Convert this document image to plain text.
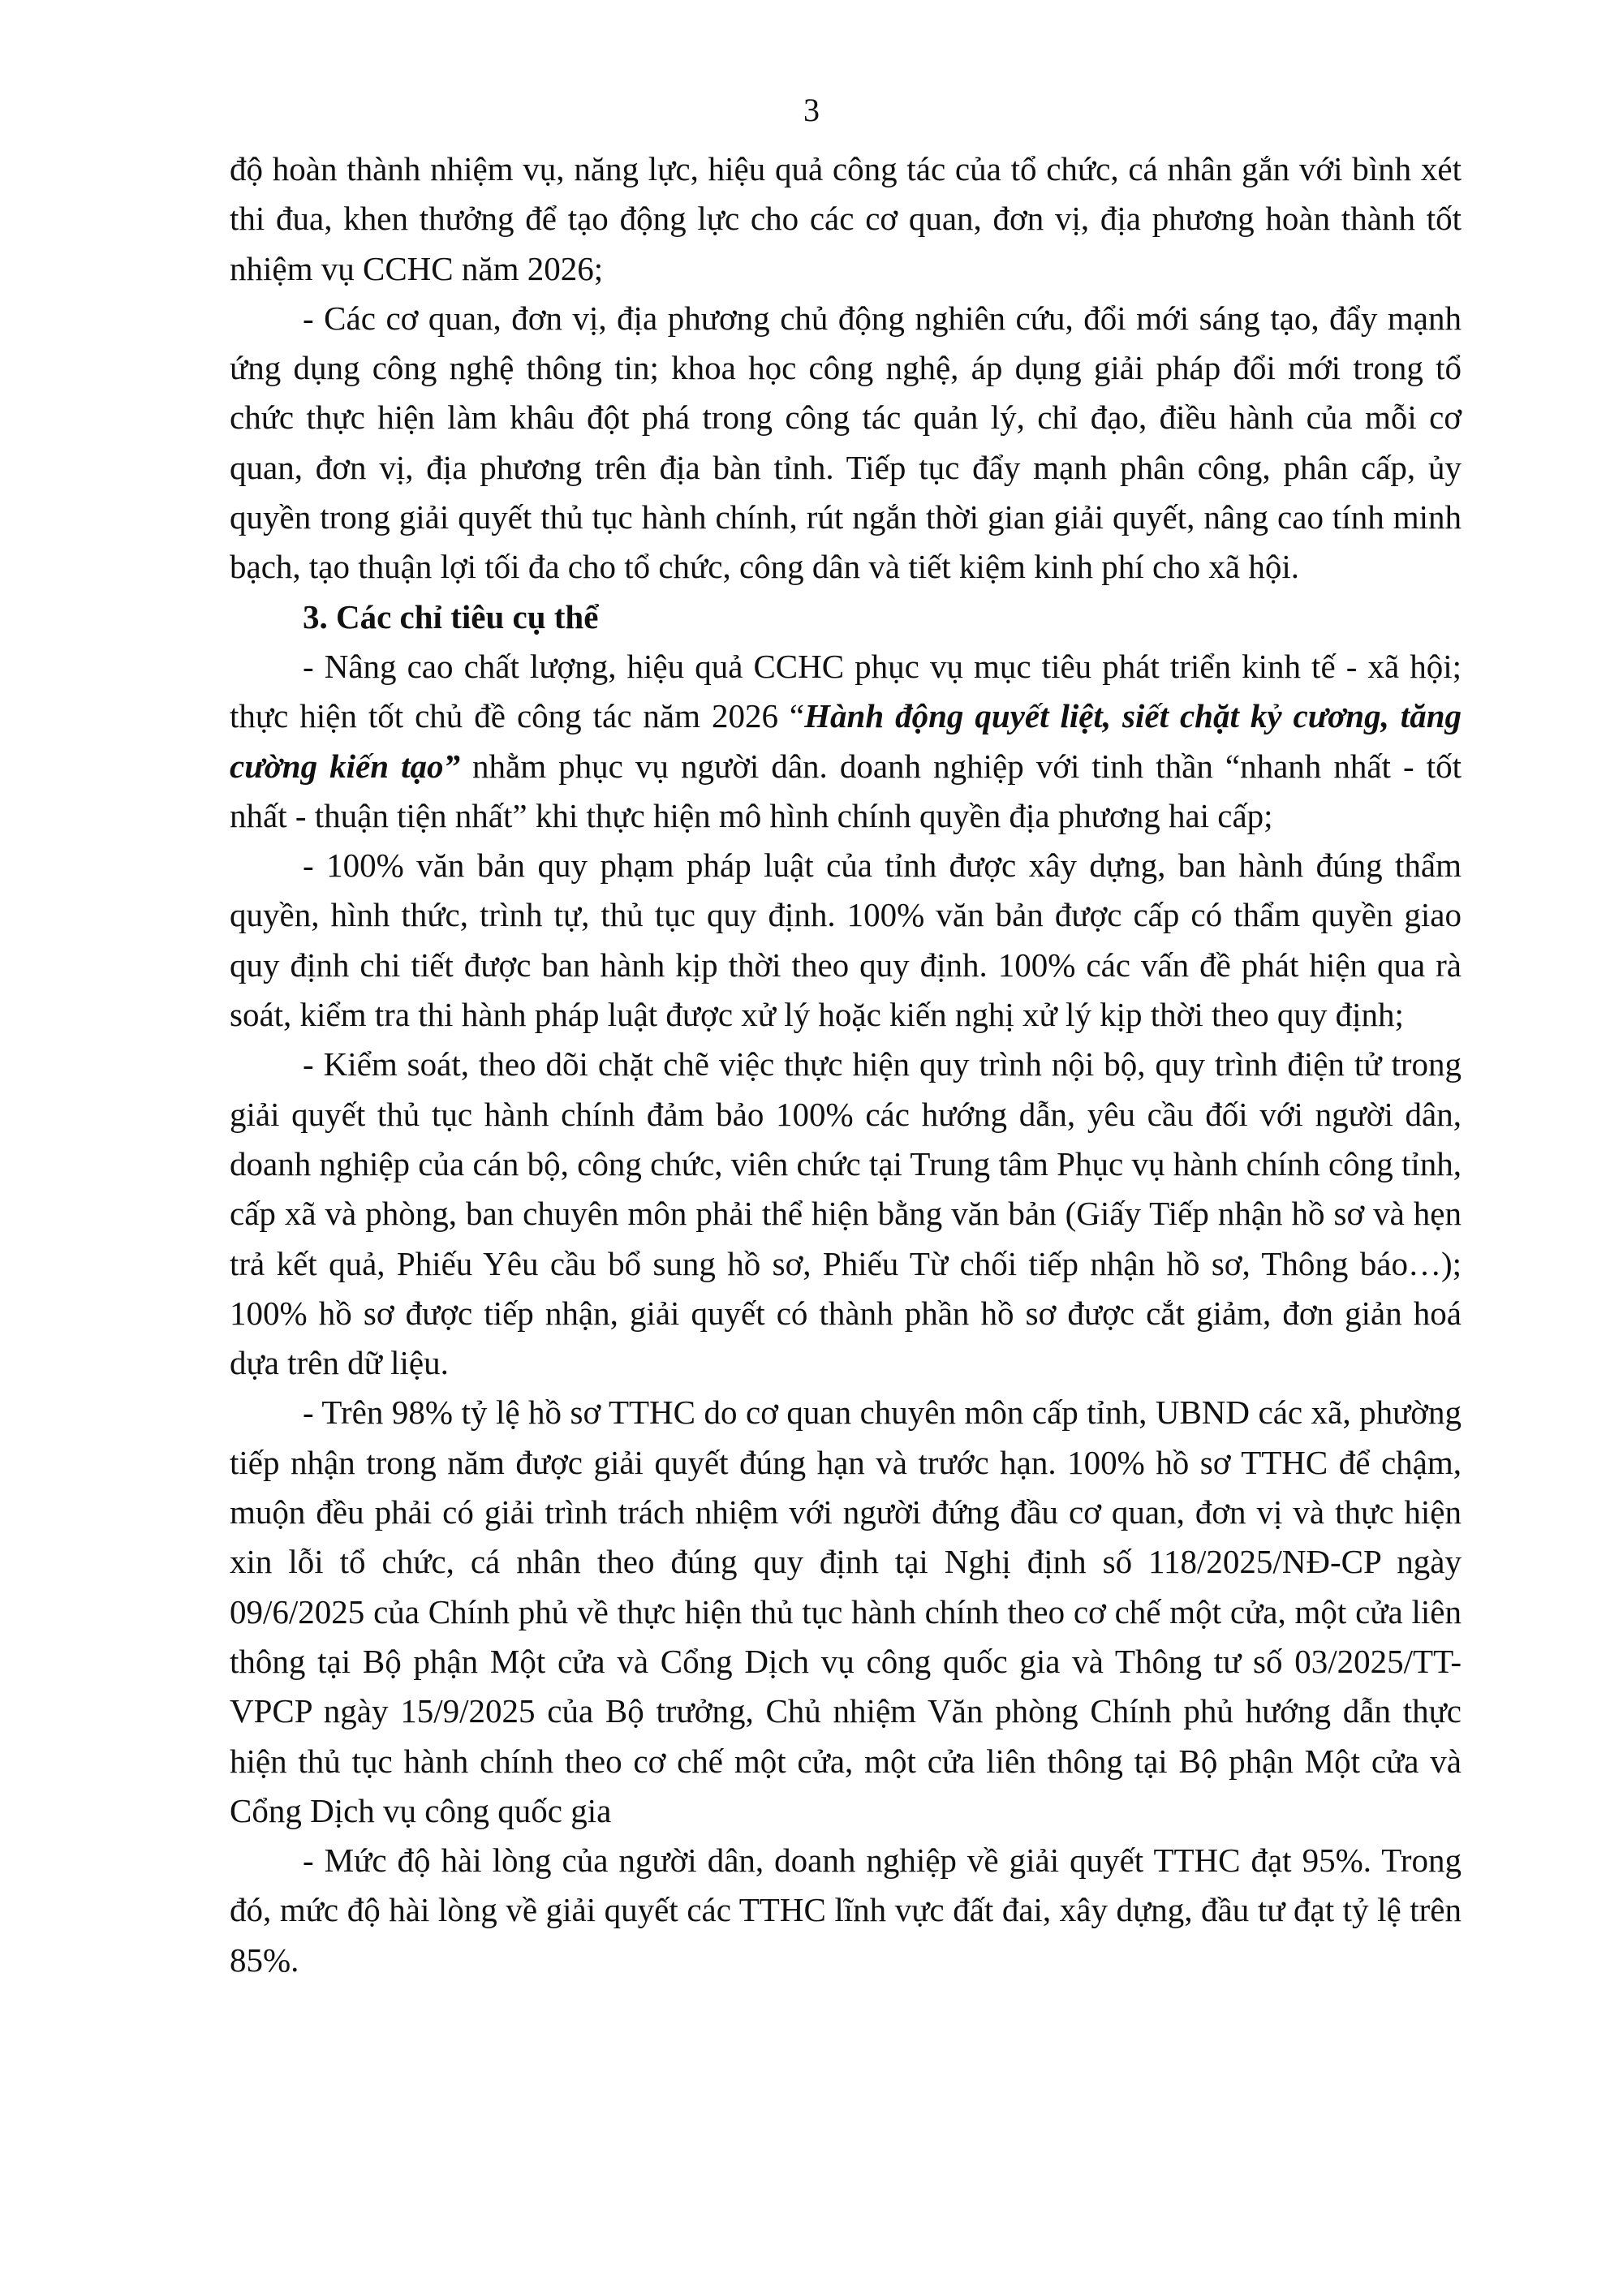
3

độ hoàn thành nhiệm vụ, năng lực, hiệu quả công tác của tổ chức, cá nhân gắn với bình xét thi đua, khen thưởng để tạo động lực cho các cơ quan, đơn vị, địa phương hoàn thành tốt nhiệm vụ CCHC năm 2026;

- Các cơ quan, đơn vị, địa phương chủ động nghiên cứu, đổi mới sáng tạo, đẩy mạnh ứng dụng công nghệ thông tin; khoa học công nghệ, áp dụng giải pháp đổi mới trong tổ chức thực hiện làm khâu đột phá trong công tác quản lý, chỉ đạo, điều hành của mỗi cơ quan, đơn vị, địa phương trên địa bàn tỉnh. Tiếp tục đẩy mạnh phân công, phân cấp, ủy quyền trong giải quyết thủ tục hành chính, rút ngắn thời gian giải quyết, nâng cao tính minh bạch, tạo thuận lợi tối đa cho tổ chức, công dân và tiết kiệm kinh phí cho xã hội.

3. Các chỉ tiêu cụ thể

- Nâng cao chất lượng, hiệu quả CCHC phục vụ mục tiêu phát triển kinh tế - xã hội; thực hiện tốt chủ đề công tác năm 2026 “Hành động quyết liệt, siết chặt kỷ cương, tăng cường kiến tạo” nhằm phục vụ người dân. doanh nghiệp với tinh thần “nhanh nhất - tốt nhất - thuận tiện nhất” khi thực hiện mô hình chính quyền địa phương hai cấp;

- 100% văn bản quy phạm pháp luật của tỉnh được xây dựng, ban hành đúng thẩm quyền, hình thức, trình tự, thủ tục quy định. 100% văn bản được cấp có thẩm quyền giao quy định chi tiết được ban hành kịp thời theo quy định. 100% các vấn đề phát hiện qua rà soát, kiểm tra thi hành pháp luật được xử lý hoặc kiến nghị xử lý kịp thời theo quy định;

- Kiểm soát, theo dõi chặt chẽ việc thực hiện quy trình nội bộ, quy trình điện tử trong giải quyết thủ tục hành chính đảm bảo 100% các hướng dẫn, yêu cầu đối với người dân, doanh nghiệp của cán bộ, công chức, viên chức tại Trung tâm Phục vụ hành chính công tỉnh, cấp xã và phòng, ban chuyên môn phải thể hiện bằng văn bản (Giấy Tiếp nhận hồ sơ và hẹn trả kết quả, Phiếu Yêu cầu bổ sung hồ sơ, Phiếu Từ chối tiếp nhận hồ sơ, Thông báo…); 100% hồ sơ được tiếp nhận, giải quyết có thành phần hồ sơ được cắt giảm, đơn giản hoá dựa trên dữ liệu.

- Trên 98% tỷ lệ hồ sơ TTHC do cơ quan chuyên môn cấp tỉnh, UBND các xã, phường tiếp nhận trong năm được giải quyết đúng hạn và trước hạn. 100% hồ sơ TTHC để chậm, muộn đều phải có giải trình trách nhiệm với người đứng đầu cơ quan, đơn vị và thực hiện xin lỗi tổ chức, cá nhân theo đúng quy định tại Nghị định số 118/2025/NĐ-CP ngày 09/6/2025 của Chính phủ về thực hiện thủ tục hành chính theo cơ chế một cửa, một cửa liên thông tại Bộ phận Một cửa và Cổng Dịch vụ công quốc gia và Thông tư số 03/2025/TT-VPCP ngày 15/9/2025 của Bộ trưởng, Chủ nhiệm Văn phòng Chính phủ hướng dẫn thực hiện thủ tục hành chính theo cơ chế một cửa, một cửa liên thông tại Bộ phận Một cửa và Cổng Dịch vụ công quốc gia

- Mức độ hài lòng của người dân, doanh nghiệp về giải quyết TTHC đạt 95%. Trong đó, mức độ hài lòng về giải quyết các TTHC lĩnh vực đất đai, xây dựng, đầu tư đạt tỷ lệ trên 85%.
